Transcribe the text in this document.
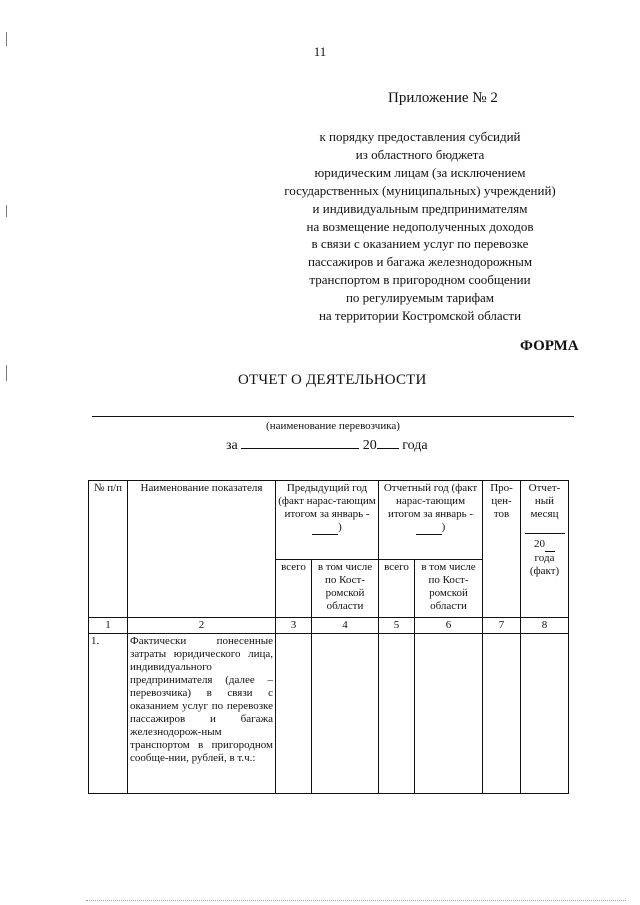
11
Приложение № 2
к порядку предоставления субсидий
из областного бюджета
юридическим лицам (за исключением
государственных (муниципальных) учреждений)
и индивидуальным предпринимателям
на возмещение недополученных доходов
в связи с оказанием услуг по перевозке
пассажиров и багажа железнодорожным
транспортом в пригородном сообщении
по регулируемым тарифам
на территории Костромской области
ФОРМА
ОТЧЕТ О ДЕЯТЕЛЬНОСТИ
(наименование перевозчика)
за	20 года
№ п/п	Наименование показателя	Предыдущий год (факт нарас-тающим итогом за январь -  )		Отчетный год (факт нарас-тающим итогом за январь -  )		Про-цен-тов	Отчет-ный месяц
20
года (факт)

		всего	в том числе по Кост-ромской области	всего	в том числе по Кост-ромской области		
1	2	3	4	5	6	7	8
1.	Фактически понесенные затраты юридического лица, индивидуального предпринимателя (далее – перевозчика) в связи с оказанием услуг по перевозке пассажиров и багажа железнодорож-ным транспортом в пригородном сообще-нии, рублей, в т.ч.:						
